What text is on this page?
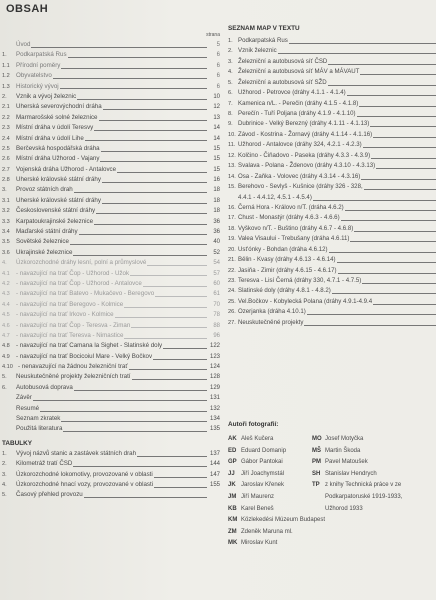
OBSAH
strana
Úvod	5
1.	Podkarpatská Rus	6
1.1	Přírodní poměry	6
1.2	Obyvatelstvo	6
1.3	Historický vývoj	6
2.	Vznik a vývoj železnic	10
2.1	Uherská severovýchodní dráha	12
2.2	Marmarošské solné železnice	13
2.3	Místní dráha v údolí Teresvy	14
2.4	Místní dráha v údolí Lihe	14
2.5	Berčevská hospodářská dráha	15
2.6	Místní dráha Užhorod - Vajany	15
2.7	Vojenská dráha Užhorod - Antalovce	15
2.8	Uherské královské státní dráhy	16
3.	Provoz státních drah	18
3.1	Uherské královské státní dráhy	18
3.2	Československé státní dráhy	18
3.3	Karpatoukrajinské železnice	36
3.4	Maďarské státní dráhy	36
3.5	Sovětské železnice	40
3.6	Ukrajinské železnice	52
4.	Úzkorozchodné dráhy lesní, polní a průmyslové	54
4.1	- navazující na trať Čop - Užhorod - Užok	57
4.2	- navazující na trať Čop - Užhorod - Antalovce	60
4.3	- navazující na trať Batevo - Mukačevo - Beregovo	61
4.4	- navazující na trať Beregovo - Kolmice	70
4.5	- navazující na trať Irkovo - Kolmice	78
4.6	- navazující na trať Čop - Teresva - Ziman	88
4.7	- navazující na trať Teresva - Nimastice	96
4.8	- navazující na trať Camana la Sighet - Slatinské doly	122
4.9	- navazující na trať Bocicoiul Mare - Velký Bočkov	123
4.10 - nenavazující na žádnou železniční trať	124
5.	Neuskutečněné projekty železničních tratí	128
6.	Autobusová doprava	129
Závěr	131
Resumé	132
Seznam zkratek	134
Použitá literatura	135
TABULKY
1.	Vývoj názvů stanic a zastávek státních drah	137
2.	Kilometráž tratí ČSD	144
3.	Úzkorozchodné lokomotivy, provozované v oblasti	147
4.	Úzkorozchodné hnací vozy, provozované v oblasti	155
5.	Časový přehled provozu
SEZNAM MAP V TEXTU
1. Podkarpatská Rus
2. Vznik železnic
3. Železniční a autobusová síť ČSD
4. Železniční a autobusová síť MÁV a MÁVAUT
5. Železniční a autobusová síť SŽD
6. Užhorod - Petrovce (dráhy 4.1.1 - 4.1.4)
7. Kamenica n/L. - Perečin (dráhy 4.1.5 - 4.1.8)
8. Perečín - Tuří Poljana (dráhy 4.1.9 - 4.1.10)
9. Dubrinice - Velký Berezný (dráhy 4.1.11 - 4.1.13)
10. Závod - Kostrina - Žornavý (dráhy 4.1.14 - 4.1.16)
11. Užhorod - Antalovce (dráhy 324, 4.2.1 - 4.2.3)
12. Kolčino - Čiňadovo - Paseka (dráhy 4.3.3 - 4.3.9)
13. Svalava - Polana - Ždenovo (dráhy 4.3.10 - 4.3.13)
14. Osa - Zaňka - Volovec (dráhy 4.3.14 - 4.3.16)
15. Berehovo - Sevlyš - Kušnice (dráhy 326 - 328,
4.4.1 - 4.4.12, 4.5.1 - 4.5.4)
16. Černá Hora - Královo n/T. (dráha 4.6.2)
17. Chust - Monastýr (dráhy 4.6.3 - 4.6.6)
18. Vyškovo n/T. - Buštino (dráhy 4.6.7 - 4.6.8)
19. Valea Visaului - Trebušany (dráha 4.6.11)
20. Ust'ónky - Bohdan (dráha 4.6.12)
21. Bělin - Kvasy (dráhy 4.6.13 - 4.6.14)
22. Jasiňa - Zimir (dráhy 4.6.15 - 4.6.17)
23. Teresva - Lisí Černá (dráhy 330, 4.7.1 - 4.7.5)
24. Slatinské doly (dráhy 4.8.1 - 4.8.2)
25. Vel.Bočkov - Kobylecká Polana (dráhy 4.9.1-4.9.4
26. Ozerjanka (dráha 4.10.1)
27. Neuskutečněné projekty
Autoři fotografií:
AK Aleš Kučera	MO Josef Motyčka
ED Eduard Domanip	MŠ Martin Škoda
GP Gábor Pantokai	PM Pavel Matoušek
JJ Jiří Joachymstál	SH Stanislav Hendrych
JK Jaroslav Křenek	TP z knihy Technická práce v ze
JM Jiří Maurenz	Podkarpatoruské 1919-1933,
KB Karel Beneš	Užhorod 1933
KM Közlekedési Múzeum Budapest
ZM Zdeněk Maruna ml.
MK Miroslav Kunt
